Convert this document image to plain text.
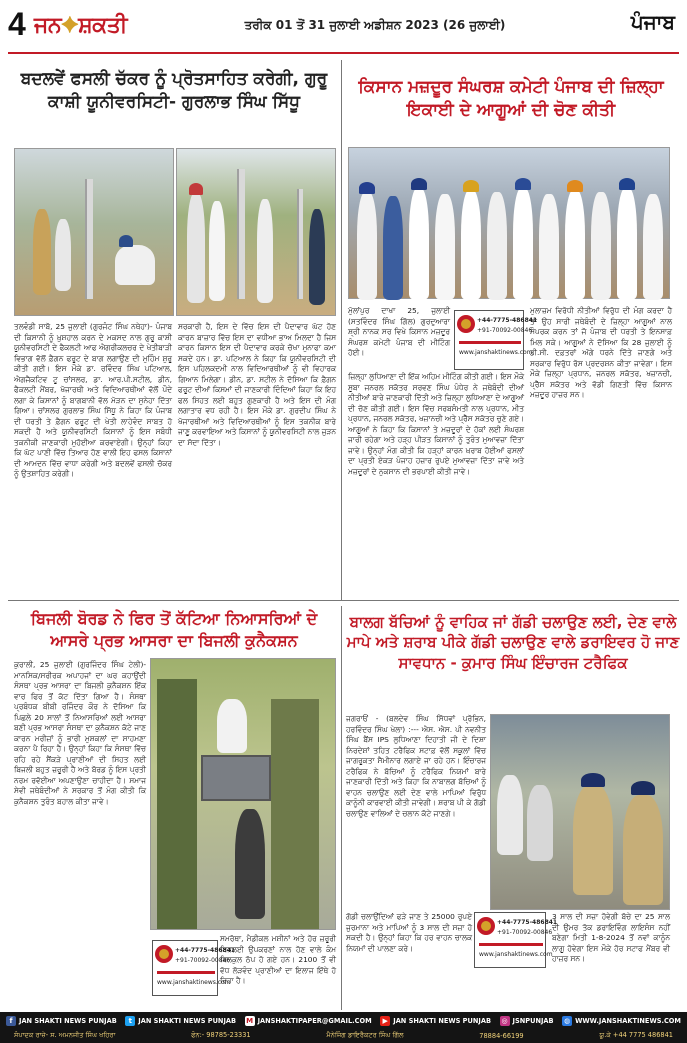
4 ਜਨ✦ਸ਼ਕਤੀ	ਤਰੀਕ 01 ਤੋਂ 31 ਜੁਲਾਈ ਅਡੀਸ਼ਨ 2023 (26 ਜੁਲਾਈ)	ਪੰਜਾਬ
ਬਦਲਵੇਂ ਫਸਲੀ ਚੱਕਰ ਨੂੰ ਪ੍ਰੋਤਸਾਹਿਤ ਕਰੇਗੀ, ਗੁਰੂ ਕਾਸ਼ੀ ਯੂਨੀਵਰਸਿਟੀ- ਗੁਰਲਾਭ ਸਿੰਘ ਸਿੱਧੂ
ਤਲਵੰਡੀ ਸਾਬੋ, 25 ਜੁਲਾਈ (ਗੁਰਜੰਟ ਸਿੰਘ ਨਥੇਹਾ)- ਪੰਜਾਬ ਦੀ ਕਿਸਾਨੀ ਨੂੰ ਖ਼ੁਸ਼ਹਾਲ ਕਰਨ ਦੇ ਮਕਸਦ ਨਾਲ ਗੁਰੂ ਕਾਸ਼ੀ ਯੂਨੀਵਰਸਿਟੀ ਦੇ ਫੈਕਲਟੀ ਆਫ ਐਗਰੀਕਲਚਰ ਦੇ ਖੇਤੀਬਾੜੀ ਵਿਭਾਗ ਵੱਲੋਂ ਫ਼ੈਗਨ ਫਰੂਟ ਦੇ ਬਾਗ ਲਗਾਉਣ ਦੀ ਮੁਹਿੰਮ ਸ਼ੁਰੂ ਕੀਤੀ ਗਈ। ਇਸ ਮੌਕੇ ਡਾ. ਰਵਿੰਦਰ ਸਿੰਘ ਪਟਿਆਲ, ਐਗਜੈਕਟਿਵ ਟੂ ਚਾਂਸਲਰ, ਡਾ. ਆਰ.ਪੀ.ਸਟੀਲ, ਡੀਨ, ਫੈਕਲਟੀ ਮੈਂਬਰ, ਖੋਜਾਰਥੀ ਅਤੇ ਵਿਦਿਆਰਥੀਆਂ ਵੱਲੋਂ ਪੌਦੇ ਲਗਾ ਕੇ ਕਿਸਾਨਾਂ ਨੂੰ ਬਾਗਬਾਨੀ ਵੱਲ ਮੋੜਨ ਦਾ ਸੁਨੇਹਾ ਦਿੱਤਾ ਗਿਆ। ਚਾਂਸਲਰ ਗੁਰਲਾਭ ਸਿੰਘ ਸਿੱਧੂ ਨੇ ਕਿਹਾ ਕਿ ਪੰਜਾਬ ਦੀ ਧਰਤੀ ਤੇ ਫ਼ੈਗਨ ਫਰੂਟ ਦੀ ਖੇਤੀ ਲਾਹੇਵੰਦ ਸਾਬਤ ਹੋ ਸਕਦੀ ਹੈ ਅਤੇ ਯੂਨੀਵਰਸਿਟੀ ਕਿਸਾਨਾਂ ਨੂੰ ਇਸ ਸਬੰਧੀ ਤਕਨੀਕੀ ਜਾਣਕਾਰੀ ਮੁਹੱਈਆ ਕਰਵਾਏਗੀ। ਉਨ੍ਹਾਂ ਕਿਹਾ ਕਿ ਘੱਟ ਪਾਣੀ ਵਿੱਚ ਤਿਆਰ ਹੋਣ ਵਾਲੀ ਇਹ ਫਸਲ ਕਿਸਾਨਾਂ ਦੀ ਆਮਦਨ ਵਿੱਚ ਵਾਧਾ ਕਰੇਗੀ ਅਤੇ ਬਦਲਵੇਂ ਫਸਲੀ ਚੱਕਰ ਨੂੰ ਉਤਸ਼ਾਹਿਤ ਕਰੇਗੀ।
ਸਰਕਾਰੀ ਹੈ, ਇਸ ਦੇ ਵਿੱਚ ਇਸ ਦੀ ਪੈਦਾਵਾਰ ਘੱਟ ਹੋਣ ਕਾਰਨ ਬਾਜ਼ਾਰ ਵਿੱਚ ਇਸ ਦਾ ਵਧੀਆ ਭਾਅ ਮਿਲਦਾ ਹੈ ਜਿਸ ਕਾਰਨ ਕਿਸਾਨ ਇਸ ਦੀ ਪੈਦਾਵਾਰ ਕਰਕੇ ਚੋਖਾ ਮੁਨਾਫਾ ਕਮਾ ਸਕਦੇ ਹਨ। ਡਾ. ਪਟਿਆਲ ਨੇ ਕਿਹਾ ਕਿ ਯੂਨੀਵਰਸਿਟੀ ਦੀ ਇਸ ਪਹਿਲਕਦਮੀ ਨਾਲ ਵਿਦਿਆਰਥੀਆਂ ਨੂੰ ਵੀ ਵਿਹਾਰਕ ਗਿਆਨ ਮਿਲੇਗਾ। ਡੀਨ, ਡਾ. ਸਟੀਲ ਨੇ ਦੱਸਿਆ ਕਿ ਫ਼ੈਗਨ ਫਰੂਟ ਦੀਆਂ ਕਿਸਮਾਂ ਦੀ ਜਾਣਕਾਰੀ ਦਿੰਦਿਆਂ ਕਿਹਾ ਕਿ ਇਹ ਫਲ ਸਿਹਤ ਲਈ ਬਹੁਤ ਗੁਣਕਾਰੀ ਹੈ ਅਤੇ ਇਸ ਦੀ ਮੰਗ ਲਗਾਤਾਰ ਵਧ ਰਹੀ ਹੈ। ਇਸ ਮੌਕੇ ਡਾ. ਗੁਰਦੀਪ ਸਿੰਘ ਨੇ ਖੋਜਾਰਥੀਆਂ ਅਤੇ ਵਿਦਿਆਰਥੀਆਂ ਨੂੰ ਇਸ ਤਕਨੀਕ ਬਾਰੇ ਜਾਣੂ ਕਰਵਾਇਆ ਅਤੇ ਕਿਸਾਨਾਂ ਨੂੰ ਯੂਨੀਵਰਸਿਟੀ ਨਾਲ ਜੁੜਨ ਦਾ ਸੱਦਾ ਦਿੱਤਾ।
ਕਿਸਾਨ ਮਜ਼ਦੂਰ ਸੰਘਰਸ਼ ਕਮੇਟੀ ਪੰਜਾਬ ਦੀ ਜ਼ਿਲ੍ਹਾ ਇਕਾਈ ਦੇ ਆਗੂਆਂ ਦੀ ਚੋਣ ਕੀਤੀ
ਮੁੱਲਾਂਪੁਰ ਦਾਖਾ 25, ਜੁਲਾਈ (ਸਤਵਿੰਦਰ ਸਿੰਘ ਗਿੱਲ) ਗੁਰਦੁਆਰਾ ਸ਼੍ਰੀ ਨਾਨਕ ਸਰ ਵਿਖੇ ਕਿਸਾਨ ਮਜ਼ਦੂਰ ਸੰਘਰਸ਼ ਕਮੇਟੀ ਪੰਜਾਬ ਦੀ ਮੀਟਿੰਗ ਹੋਈ।
+44-7775-486841
+91-70092-00846
www.janshaktinews.com
ਜ਼ਿਲ੍ਹਾ ਲੁਧਿਆਣਾ ਦੀ ਇੱਕ ਅਹਿਮ ਮੀਟਿੰਗ ਕੀਤੀ ਗਈ। ਇਸ ਮੌਕੇ ਸੂਬਾ ਜਨਰਲ ਸਕੱਤਰ ਸਰਵਣ ਸਿੰਘ ਪੰਧੇਰ ਨੇ ਜਥੇਬੰਦੀ ਦੀਆਂ ਨੀਤੀਆਂ ਬਾਰੇ ਜਾਣਕਾਰੀ ਦਿੱਤੀ ਅਤੇ ਜ਼ਿਲ੍ਹਾ ਲੁਧਿਆਣਾ ਦੇ ਆਗੂਆਂ ਦੀ ਚੋਣ ਕੀਤੀ ਗਈ। ਇਸ ਵਿੱਚ ਸਰਬਸੰਮਤੀ ਨਾਲ ਪ੍ਰਧਾਨ, ਮੀਤ ਪ੍ਰਧਾਨ, ਜਨਰਲ ਸਕੱਤਰ, ਖਜ਼ਾਨਚੀ ਅਤੇ ਪ੍ਰੈੱਸ ਸਕੱਤਰ ਚੁਣੇ ਗਏ। ਆਗੂਆਂ ਨੇ ਕਿਹਾ ਕਿ ਕਿਸਾਨਾਂ ਤੇ ਮਜ਼ਦੂਰਾਂ ਦੇ ਹੱਕਾਂ ਲਈ ਸੰਘਰਸ਼ ਜਾਰੀ ਰਹੇਗਾ ਅਤੇ ਹੜ੍ਹ ਪੀੜਤ ਕਿਸਾਨਾਂ ਨੂੰ ਤੁਰੰਤ ਮੁਆਵਜ਼ਾ ਦਿੱਤਾ ਜਾਵੇ। ਉਨ੍ਹਾਂ ਮੰਗ ਕੀਤੀ ਕਿ ਹੜ੍ਹਾਂ ਕਾਰਨ ਖ਼ਰਾਬ ਹੋਈਆਂ ਫਸਲਾਂ ਦਾ ਪ੍ਰਤੀ ਏਕੜ ਪੰਜਾਹ ਹਜ਼ਾਰ ਰੁਪਏ ਮੁਆਵਜ਼ਾ ਦਿੱਤਾ ਜਾਵੇ ਅਤੇ ਮਜ਼ਦੂਰਾਂ ਦੇ ਨੁਕਸਾਨ ਦੀ ਭਰਪਾਈ ਕੀਤੀ ਜਾਵੇ।
ਮੁਲਾਜ਼ਮ ਵਿਰੋਧੀ ਨੀਤੀਆਂ ਵਿਰੁੱਧ ਦੀ ਮੰਗ ਕਰਦਾ ਹੈ ਤਾਂ ਉਹ ਸਾਰੀ ਜਥੇਬੰਦੀ ਦੇ ਜ਼ਿਲ੍ਹਾ ਆਗੂਆਂ ਨਾਲ ਸੰਪਰਕ ਕਰਨ ਤਾਂ ਜੋ ਪੰਜਾਬ ਦੀ ਧਰਤੀ ਤੇ ਇਨਸਾਫ਼ ਮਿਲ ਸਕੇ। ਆਗੂਆਂ ਨੇ ਦੱਸਿਆ ਕਿ 28 ਜੁਲਾਈ ਨੂੰ ਡੀ.ਸੀ. ਦਫ਼ਤਰਾਂ ਅੱਗੇ ਧਰਨੇ ਦਿੱਤੇ ਜਾਣਗੇ ਅਤੇ ਸਰਕਾਰ ਵਿਰੁੱਧ ਰੋਸ ਪ੍ਰਦਰਸ਼ਨ ਕੀਤਾ ਜਾਵੇਗਾ। ਇਸ ਮੌਕੇ ਜ਼ਿਲ੍ਹਾ ਪ੍ਰਧਾਨ, ਜਨਰਲ ਸਕੱਤਰ, ਖਜ਼ਾਨਚੀ, ਪ੍ਰੈੱਸ ਸਕੱਤਰ ਅਤੇ ਵੱਡੀ ਗਿਣਤੀ ਵਿੱਚ ਕਿਸਾਨ ਮਜ਼ਦੂਰ ਹਾਜ਼ਰ ਸਨ।
ਬਿਜਲੀ ਬੋਰਡ ਨੇ ਫਿਰ ਤੋਂ ਕੱਟਿਆ ਨਿਆਸਰਿਆਂ ਦੇ ਆਸਰੇ ਪ੍ਰਭ ਆਸਰਾ ਦਾ ਬਿਜਲੀ ਕੁਨੈਕਸ਼ਨ
ਕੁਰਾਲੀ, 25 ਜੁਲਾਈ (ਗੁਰਜਿੰਦਰ ਸਿੰਘ ਟੇਲੀ)- ਮਾਨਸਿਕ/ਸਰੀਰਕ ਅਪਾਹਜਾਂ ਦਾ ਘਰ ਕਹਾਉਂਦੀ ਸੰਸਥਾ ਪ੍ਰਭ ਆਸਰਾ ਦਾ ਬਿਜਲੀ ਕੁਨੈਕਸ਼ਨ ਇੱਕ ਵਾਰ ਫਿਰ ਤੋਂ ਕੱਟ ਦਿੱਤਾ ਗਿਆ ਹੈ। ਸੰਸਥਾ ਪ੍ਰਬੰਧਕ ਬੀਬੀ ਰਜਿੰਦਰ ਕੌਰ ਨੇ ਦੱਸਿਆ ਕਿ ਪਿਛਲੇ 20 ਸਾਲਾਂ ਤੋਂ ਨਿਆਸਰਿਆਂ ਲਈ ਆਸਰਾ ਬਣੀ ਪ੍ਰਭ ਆਸਰਾ ਸੰਸਥਾ ਦਾ ਕੁਨੈਕਸ਼ਨ ਕੱਟੇ ਜਾਣ ਕਾਰਨ ਮਰੀਜ਼ਾਂ ਨੂੰ ਭਾਰੀ ਮੁਸ਼ਕਲਾਂ ਦਾ ਸਾਹਮਣਾ ਕਰਨਾ ਪੈ ਰਿਹਾ ਹੈ। ਉਨ੍ਹਾਂ ਕਿਹਾ ਕਿ ਸੰਸਥਾ ਵਿੱਚ ਰਹਿ ਰਹੇ ਸੈਂਕੜੇ ਪ੍ਰਾਣੀਆਂ ਦੀ ਸਿਹਤ ਲਈ ਬਿਜਲੀ ਬਹੁਤ ਜ਼ਰੂਰੀ ਹੈ ਅਤੇ ਬੋਰਡ ਨੂੰ ਇਸ ਪ੍ਰਤੀ ਨਰਮ ਰਵੱਈਆ ਅਪਣਾਉਣਾ ਚਾਹੀਦਾ ਹੈ। ਸਮਾਜ ਸੇਵੀ ਜਥੇਬੰਦੀਆਂ ਨੇ ਸਰਕਾਰ ਤੋਂ ਮੰਗ ਕੀਤੀ ਕਿ ਕੁਨੈਕਸ਼ਨ ਤੁਰੰਤ ਬਹਾਲ ਕੀਤਾ ਜਾਵੇ।
+44-7775-486841
+91-70092-00846
www.janshaktinews.com
ਸਮਰੱਥਾ, ਮੈਡੀਕਲ ਮਸ਼ੀਨਾਂ ਅਤੇ ਹੋਰ ਜ਼ਰੂਰੀ ਬਿਜਲਈ ਉਪਕਰਣਾਂ ਨਾਲ ਹੋਣ ਵਾਲੇ ਕੰਮ ਬਿਲਕੁਲ ਠੱਪ ਹੋ ਗਏ ਹਨ। 2100 ਤੋਂ ਵੀ ਵੱਧ ਲੋੜਵੰਦ ਪ੍ਰਾਣੀਆਂ ਦਾ ਇਲਾਜ ਇੱਥੇ ਹੋ ਰਿਹਾ ਹੈ।
ਬਾਲਗ ਬੱਚਿਆਂ ਨੂੰ ਵਾਹਿਕ ਜਾਂ ਗੱਡੀ ਚਲਾਉਣ ਲਈ, ਦੇਣ ਵਾਲੇ ਮਾਪੇ ਅਤੇ ਸ਼ਰਾਬ ਪੀਕੇ ਗੱਡੀ ਚਲਾਉਣ ਵਾਲੇ ਡਰਾਇਵਰ ਹੋ ਜਾਣ ਸਾਵਧਾਨ - ਕੁਮਾਰ ਸਿੰਘ ਇੰਚਾਰਜ ਟਰੈਫਿਕ
ਜਗਰਾਓਂ - (ਬਲਦੇਵ ਸਿੰਘ ਸਿੱਧਵਾਂ ਪ੍ਰੋਭਿਨ, ਹਰਵਿੰਦਰ ਸਿੰਘ ਖੇਲਾ) :--- ਐਸ. ਐਸ. ਪੀ ਨਵਨੀਤ ਸਿੰਘ ਬੈਂਸ IPS ਲੁਧਿਆਣਾ ਦਿਹਾਤੀ ਜੀ ਦੇ ਦਿਸ਼ਾ ਨਿਰਦੇਸ਼ਾਂ ਤਹਿਤ ਟਰੈਫਿਕ ਸਟਾਫ਼ ਵੱਲੋਂ ਸਕੂਲਾਂ ਵਿੱਚ ਜਾਗਰੂਕਤਾ ਸੈਮੀਨਾਰ ਲਗਾਏ ਜਾ ਰਹੇ ਹਨ। ਇੰਚਾਰਜ ਟਰੈਫਿਕ ਨੇ ਬੱਚਿਆਂ ਨੂੰ ਟਰੈਫਿਕ ਨਿਯਮਾਂ ਬਾਰੇ ਜਾਣਕਾਰੀ ਦਿੱਤੀ ਅਤੇ ਕਿਹਾ ਕਿ ਨਾਬਾਲਗ ਬੱਚਿਆਂ ਨੂੰ ਵਾਹਨ ਚਲਾਉਣ ਲਈ ਦੇਣ ਵਾਲੇ ਮਾਪਿਆਂ ਵਿਰੁੱਧ ਕਾਨੂੰਨੀ ਕਾਰਵਾਈ ਕੀਤੀ ਜਾਵੇਗੀ। ਸ਼ਰਾਬ ਪੀ ਕੇ ਗੱਡੀ ਚਲਾਉਣ ਵਾਲਿਆਂ ਦੇ ਚਲਾਨ ਕੱਟੇ ਜਾਣਗੇ।
ਗੱਡੀ ਚਲਾਉਂਦਿਆਂ ਫੜੇ ਜਾਣ ਤੇ 25000 ਰੁਪਏ ਜੁਰਮਾਨਾ ਅਤੇ ਮਾਪਿਆਂ ਨੂੰ 3 ਸਾਲ ਦੀ ਸਜ਼ਾ ਹੋ ਸਕਦੀ ਹੈ। ਉਨ੍ਹਾਂ ਕਿਹਾ ਕਿ ਹਰ ਵਾਹਨ ਚਾਲਕ ਨਿਯਮਾਂ ਦੀ ਪਾਲਣਾ ਕਰੇ।
+44-7775-486841
+91-70092-00846
www.janshaktinews.com
3 ਸਾਲ ਦੀ ਸਜ਼ਾ ਹੋਵੇਗੀ ਬੱਚੇ ਦਾ 25 ਸਾਲ ਦੀ ਉਮਰ ਤੱਕ ਡਰਾਇਵਿੰਗ ਲਾਇਸੰਸ ਨਹੀਂ ਬਣੇਗਾ ਮਿਤੀ 1-8-2024 ਤੋਂ ਨਵਾਂ ਕਾਨੂੰਨ ਲਾਗੂ ਹੋਵੇਗਾ ਇਸ ਮੌਕੇ ਹੋਰ ਸਟਾਫ ਮੈਂਬਰ ਵੀ ਹਾਜ਼ਰ ਸਨ।
f JAN SHAKTI NEWS PUNJAB	t JAN SHAKTI NEWS PUNJAB M JANSHAKTIPAPER@GMAIL.COM	▶ JAN SHAKTI NEWS PUNJAB ◎ JSNPUNJAB ◍ WWW.JANSHAKTINEWS.COM
ਸੰਪਾਦਕ ਰਾਜ਼ੇ- ਸ. ਅਮਨਜੀਤ ਸਿੰਘ ਖਹਿਰਾ	ਫੋਨ:- 98785-23331	ਮੈਨੇਜਿੰਗ ਡਾਇਰੈਕਟਰ ਸਿੰਘ ਗਿੱਲ	78884-66199	ਯੂ.ਕੇ +44 7775 486841
